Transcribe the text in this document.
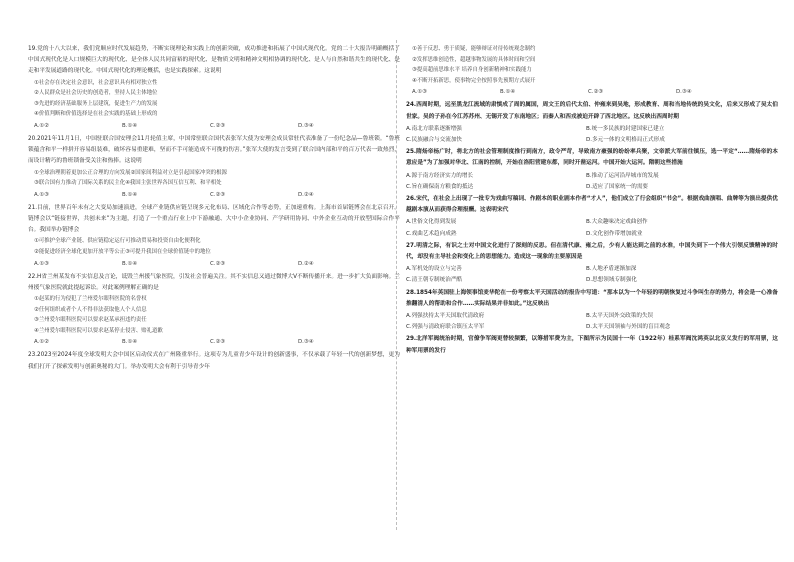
19.党的十八大以来，我们党顺应时代发展趋势，不断实现理论和实践上的创新突破，成功推进和拓展了中国式现代化。党的二十大报告明确概括了中国式现代化是人口规模巨大的现代化、是全体人民共同富裕的现代化、是物质文明和精神文明相协调的现代化、是人与自然和谐共生的现代化、是走和平发展道路的现代化。中国式现代化的理论概括，也是实践探索。这说明

①社会存在决定社会意识，社会意识具有相对独立性

②人民群众是社会历史的创造者，坚持人民主体地位

③先进的经济基础服务上层建筑，促进生产力的发展

④价值判断和价值选择是在社会实践的基础上形成的

A.①②	B.①④	C.②③	D.③④

20.2021年11月1日，中国驻联合国安理会11月轮值主席，中国常驻联合国代表张军大使为安理会成员常驻代表准备了一份纪念品—鲁班锁。“鲁班锁蕴含和平一样拼开容易组装难，破坏容易重建难，坚而不手可能造成不可挽的伤害。”张军大使的发言受到了联合国内部和平的百万代表一致热烈，而设计精巧的鲁班锁备受关注和热捧。这说明

①全球治理朝着更加公正合理的方向发展②国家间利益对立是引起国家冲突的根源

③联合国有力推动了国际关系的民主化④我国主张世界各国互信互利、和平相处

A.①③	B.①④	C.②③	D.②④

21.目前，世界百年未有之大变局加速演进，全球产业链供应链呈现多元化布局、区域化合作等态势，正加速重构。上海市首届链博会在北京召开。链博会以“链接世界，共创未来”为主题，打造了一个重点行业上中下游融通、大中小企业协同、产学研用协同、中外企业互动的开放型国际合作平台。我国举办链博会

①可推护全球产业链、供应链稳定运行可推动贸易和投资自由化便利化

②能促进经济全球化更加开放平等公正③可提升我国在全球价值链中的地位

A.①③	B.①④	C.②③	D.②④

22.H省兰州某发布不实信息及言论，诋毁兰州援气象医院，引发社会普遍关注。其不实信息又通过微博大V不断传播开来。进一步扩大负面影响。兰州援气象医院就此提起诉讼。对此案例理解正确的是

①赵某的行为侵犯了兰州爱尔眼科医院的名誉权

②任何组织或者个人不得非法获取他人个人信息

③兰州爱尔眼科医院可以要求赵某承担违约责任

④兰州爱尔眼科医院可以要求赵某停止侵害、赔礼道歉

A.①②	B.①④	C.②③	D.③④

23.2023至2024年度全球发明大会中国区启动仪式在广州隆重举行。这项专为儿童青少年设计的创新盛事，不仅承载了年轻一代的创新梦想，更为我们打开了探索发明与创新奥秘的大门。举办发明大会有利于引导青少年

①善于反思、勇于质疑，能够辩证对待传统观念制约

②发挥思维创造性，超越事物发展的具体时间和空间

③提高超前思维水平 培养自身创新精神和实践能力

④不断开拓新思，使事物完全按照事先预期方式展开

A.①③	B.①④	C.②③	D.③④

24.西周时期，远至黑龙江流域的肃慎成了周的属国，周文王的后代太伯、仲雍来到吴地，形成教育、周和当地传统的吴文化，后来又形成了吴太伯世家。吴的子孙在今江苏苏州、无锡开发了东南地区；而秦人和西戎被迫开辟了西北地区。这反映出西周时期

A.南北方联系逐渐增强	B.统一多民族的封建国家已建立
C.民族融合与交流加快	D.多元一体的文明格局正式形成

25.隋炀帝杨广时，将北方的社会管理制度推行到南方，政令严苛，导致南方豪强的纷纷率兵聚，文帝派大军前往镇压，选一平定“……隋炀帝的本意应是”为了加强对华北、江南的控制，开始在洛阳营建东都，同时开凿运河。中国开始大运河。隋朝这些措施

A.源于南方经济实力的增长	B.推动了运河沿岸城市的发展
C.旨在确保南方粮食的抵达	D.适应了国家统一的需要

26.宋代，在社会上出现了一批专为戏曲写稿词、作剧本的职业剧本作者“才人”，他们成立了行会组织“书会”。根据戏曲演唱、曲牌等为演出提供优越剧本演从而获得合理报酬。这表明宋代

A.世俗文化得到发展	B.大众趣味决定戏曲创作
C.戏曲艺术趋向成熟	D.文化创作带增加就业

27.明清之际，有识之士对中国文化进行了深刻的反思。但在清代康、雍之后，少有人能达到之前的水准，中国失到下一个伟大引领反馈精神的时代，却没有主导社会和变化上的思想能力。造成这一现象的主要原因是

A.军机处的设立与完善	B.人地矛盾逐渐加深
C.清王朝专制统治严酷	D.思想领域专制强化

28.1854年英国驻上海领事馆麦华陀在一份考察太平天国活动的报告中写道：“那本以为一个年轻的明朝恢复过斗争叫生存的势力，将会是一心准备推翻清人的帮助和合作……实际结果并非如此。”这反映出

A.列强扶持太平天国取代清政府	B.太平天国外交政策的失误
C.列强与清政府联合镇压太平军	D.太平天国领袖与外国的盲目观念

29.北洋军阀统治时期，官僚争军阀更替较频繁，以筹措军费为主，下图所示为民国十一年（1922年）桂系军阀沈鸿英以北京义发行的军用票，这种军用票的发行
